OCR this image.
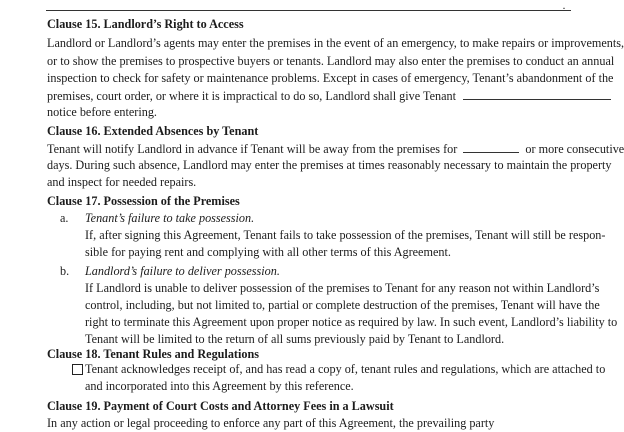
·
Clause 15. Landlord’s Right to Access
Landlord or Landlord’s agents may enter the premises in the event of an emergency, to make repairs or improvements,
or to show the premises to prospective buyers or tenants. Landlord may also enter the premises to conduct an annual
inspection to check for safety or maintenance problems. Except in cases of emergency, Tenant’s abandonment of the
premises, court order, or where it is impractical to do so, Landlord shall give Tenant
notice before entering.
Clause 16. Extended Absences by Tenant
Tenant will notify Landlord in advance if Tenant will be away from the premises for	or more consecutive
days. During such absence, Landlord may enter the premises at times reasonably necessary to maintain the property
and inspect for needed repairs.
Clause 17. Possession of the Premises
a. Tenant’s failure to take possession.
If, after signing this Agreement, Tenant fails to take possession of the premises, Tenant will still be respon-
sible for paying rent and complying with all other terms of this Agreement.
b. Landlord’s failure to deliver possession.
If Landlord is unable to deliver possession of the premises to Tenant for any reason not within Landlord’s
control, including, but not limited to, partial or complete destruction of the premises, Tenant will have the
right to terminate this Agreement upon proper notice as required by law. In such event, Landlord’s liability to
Tenant will be limited to the return of all sums previously paid by Tenant to Landlord.
Clause 18. Tenant Rules and Regulations
Tenant acknowledges receipt of, and has read a copy of, tenant rules and regulations, which are attached to
and incorporated into this Agreement by this reference.
Clause 19. Payment of Court Costs and Attorney Fees in a Lawsuit
In any action or legal proceeding to enforce any part of this Agreement, the prevailing party
